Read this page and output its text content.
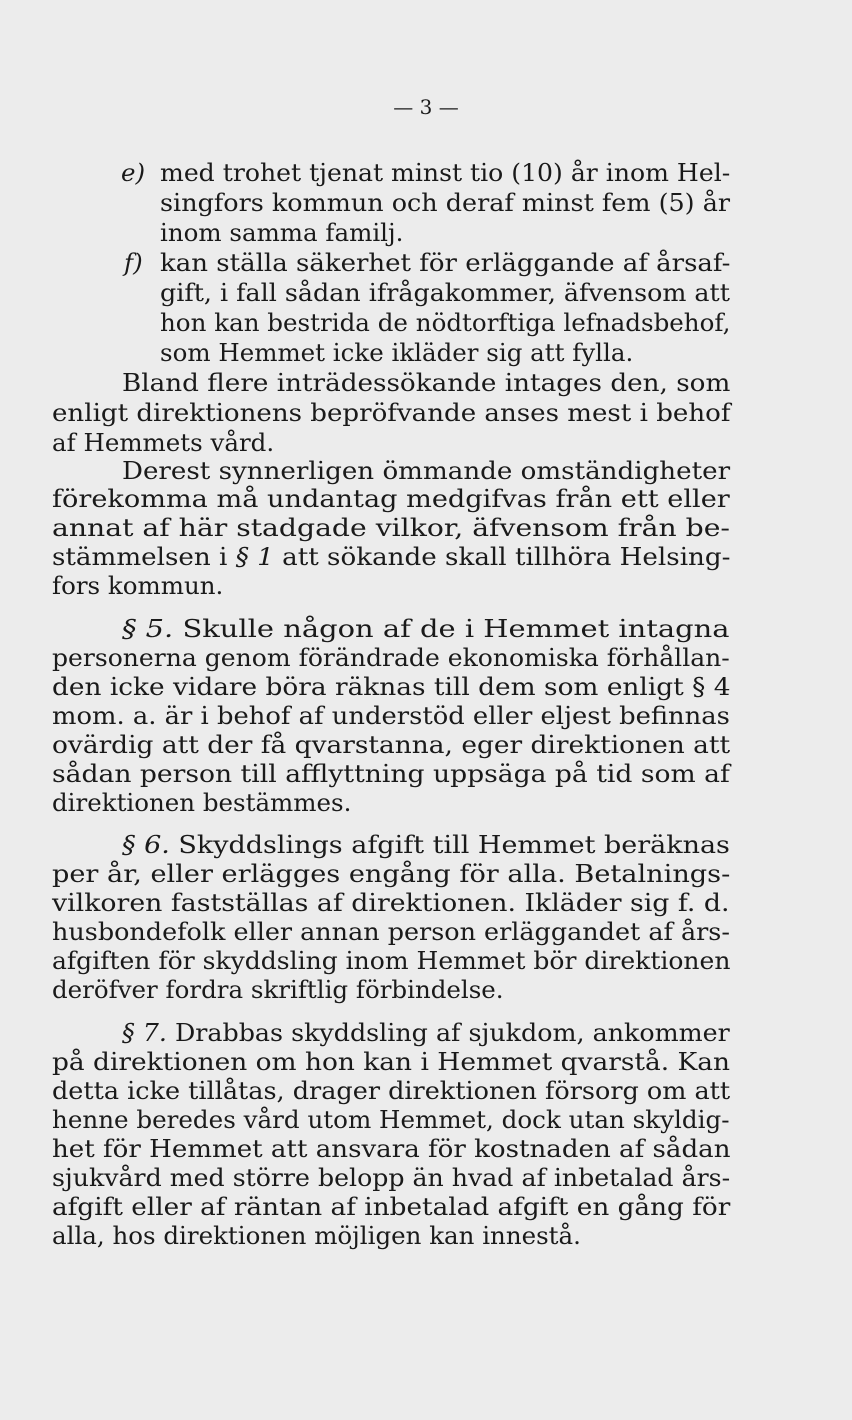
— 3 —
e) med trohet tjenat minst tio (10) år inom Hel-
singfors kommun och deraf minst fem (5) år
inom samma familj.
f) kan ställa säkerhet för erläggande af årsaf-
gift, i fall sådan ifrågakommer, äfvensom att
hon kan bestrida de nödtorftiga lefnadsbehof,
som Hemmet icke ikläder sig att fylla.
Bland flere inträdessökande intages den, som
enligt direktionens bepröfvande anses mest i behof
af Hemmets vård.
Derest synnerligen ömmande omständigheter
förekomma må undantag medgifvas från ett eller
annat af här stadgade vilkor, äfvensom från be-
stämmelsen i § 1 att sökande skall tillhöra Helsing-
fors kommun.
§ 5. Skulle någon af de i Hemmet intagna
personerna genom förändrade ekonomiska förhållan-
den icke vidare böra räknas till dem som enligt § 4
mom. a. är i behof af understöd eller eljest befinnas
ovärdig att der få qvarstanna, eger direktionen att
sådan person till afflyttning uppsäga på tid som af
direktionen bestämmes.
§ 6. Skyddslings afgift till Hemmet beräknas
per år, eller erlägges engång för alla. Betalnings-
vilkoren fastställas af direktionen. Ikläder sig f. d.
husbondefolk eller annan person erläggandet af års-
afgiften för skyddsling inom Hemmet bör direktionen
deröfver fordra skriftlig förbindelse.
§ 7. Drabbas skyddsling af sjukdom, ankommer
på direktionen om hon kan i Hemmet qvarstå. Kan
detta icke tillåtas, drager direktionen försorg om att
henne beredes vård utom Hemmet, dock utan skyldig-
het för Hemmet att ansvara för kostnaden af sådan
sjukvård med större belopp än hvad af inbetalad års-
afgift eller af räntan af inbetalad afgift en gång för
alla, hos direktionen möjligen kan innestå.
